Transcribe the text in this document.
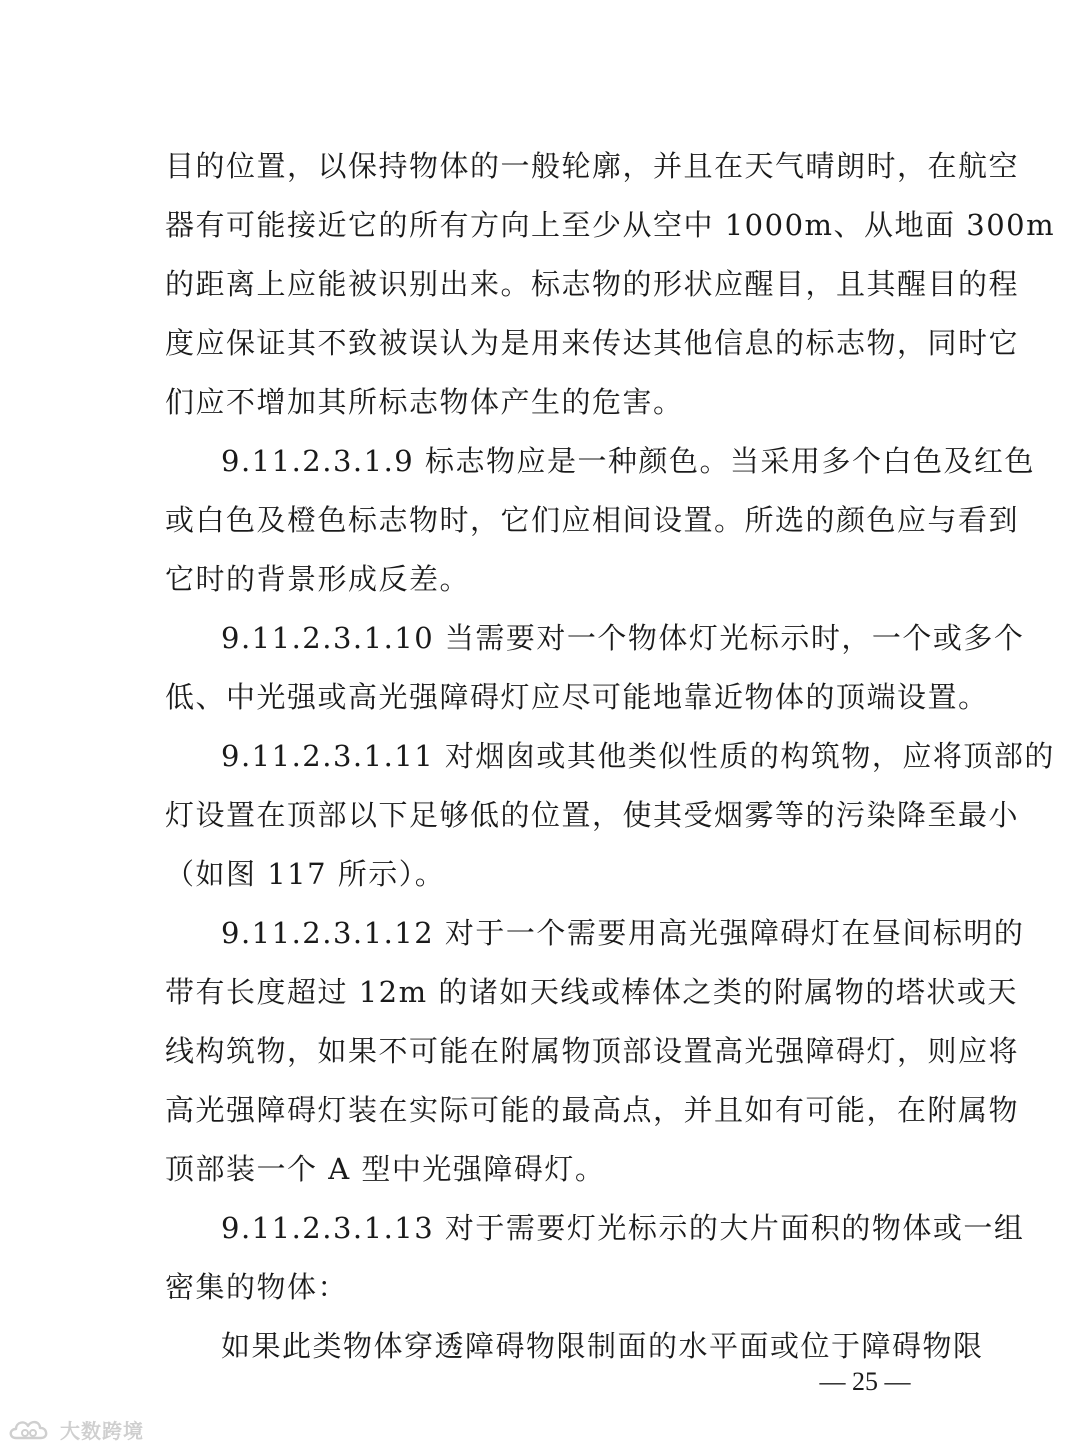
目的位置，以保持物体的一般轮廓，并且在天气晴朗时，在航空
器有可能接近它的所有方向上至少从空中 1000m、从地面 300m
的距离上应能被识别出来。标志物的形状应醒目，且其醒目的程
度应保证其不致被误认为是用来传达其他信息的标志物，同时它
们应不增加其所标志物体产生的危害。
9.11.2.3.1.9 标志物应是一种颜色。当采用多个白色及红色
或白色及橙色标志物时，它们应相间设置。所选的颜色应与看到
它时的背景形成反差。
9.11.2.3.1.10 当需要对一个物体灯光标示时，一个或多个
低、中光强或高光强障碍灯应尽可能地靠近物体的顶端设置。
9.11.2.3.1.11 对烟囱或其他类似性质的构筑物，应将顶部的
灯设置在顶部以下足够低的位置，使其受烟雾等的污染降至最小
（如图 117 所示）。
9.11.2.3.1.12 对于一个需要用高光强障碍灯在昼间标明的
带有长度超过 12m 的诸如天线或棒体之类的附属物的塔状或天
线构筑物，如果不可能在附属物顶部设置高光强障碍灯，则应将
高光强障碍灯装在实际可能的最高点，并且如有可能，在附属物
顶部装一个 A 型中光强障碍灯。
9.11.2.3.1.13 对于需要灯光标示的大片面积的物体或一组
密集的物体：
如果此类物体穿透障碍物限制面的水平面或位于障碍物限
— 25 —
大数跨境
